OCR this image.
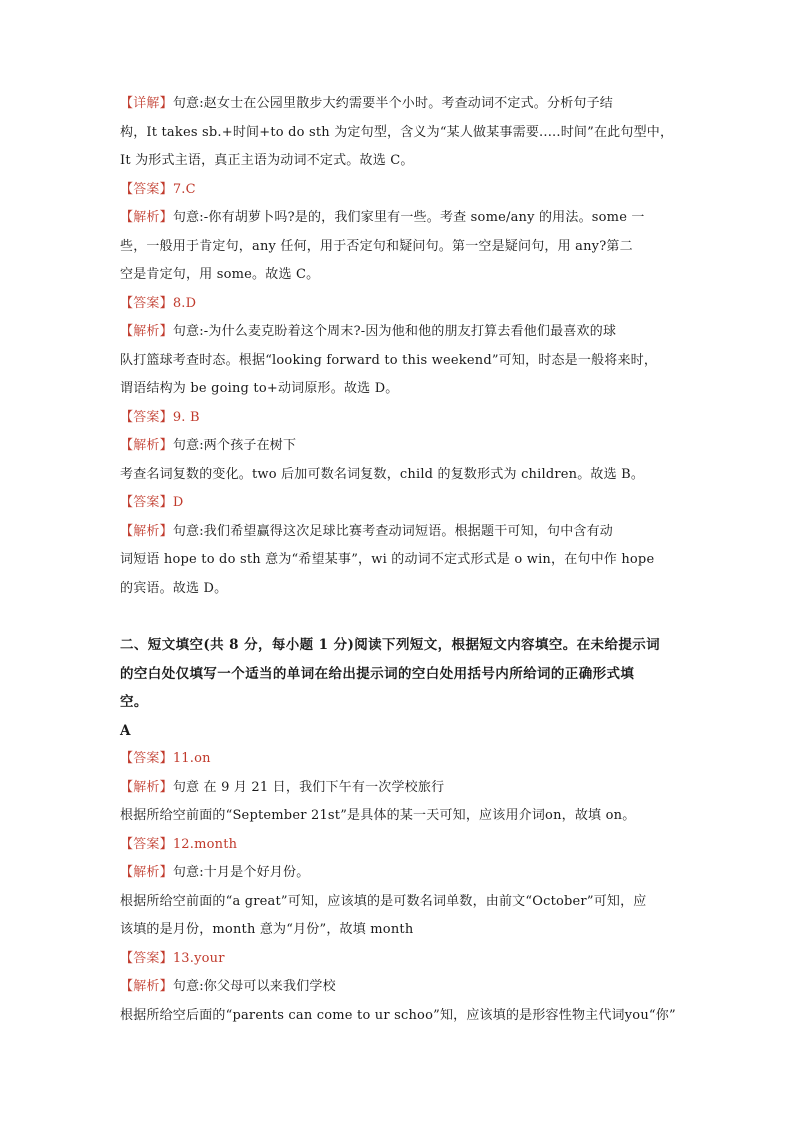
【详解】句意:赵女士在公园里散步大约需要半个小时。考查动词不定式。分析句子结
构，It takes sb.+时间+to do sth 为定句型，含义为“某人做某事需要.....时间”在此句型中，
It 为形式主语，真正主语为动词不定式。故选 C。
【答案】7.C
【解析】句意:-你有胡萝卜吗?是的，我们家里有一些。考查 some/any 的用法。some 一
些，一般用于肯定句，any 任何，用于否定句和疑问句。第一空是疑问句，用 any?第二
空是肯定句，用 some。故选 C。
【答案】8.D
【解析】句意:-为什么麦克盼着这个周末?-因为他和他的朋友打算去看他们最喜欢的球
队打篮球考查时态。根据“looking forward to this weekend”可知，时态是一般将来时，
谓语结构为 be going to+动词原形。故选 D。
【答案】9. B
【解析】句意:两个孩子在树下
考查名词复数的变化。two 后加可数名词复数，child 的复数形式为 children。故选 B。
【答案】D
【解析】句意:我们希望赢得这次足球比赛考查动词短语。根据题干可知，句中含有动
词短语 hope to do sth 意为“希望某事”，wi 的动词不定式形式是 o win，在句中作 hope
的宾语。故选 D。
二、短文填空(共 8 分，每小题 1 分)阅读下列短文，根据短文内容填空。在未给提示词
的空白处仅填写一个适当的单词在给出提示词的空白处用括号内所给词的正确形式填
空。
A
【答案】11.on
【解析】句意 在 9 月 21 日，我们下午有一次学校旅行
根据所给空前面的“September 21st”是具体的某一天可知，应该用介词on，故填 on。
【答案】12.month
【解析】句意:十月是个好月份。
根据所给空前面的“a great”可知，应该填的是可数名词单数，由前文“October”可知，应
该填的是月份，month 意为“月份”，故填 month
【答案】13.your
【解析】句意:你父母可以来我们学校
根据所给空后面的“parents can come to ur schoo”知，应该填的是形容性物主代词you“你”
